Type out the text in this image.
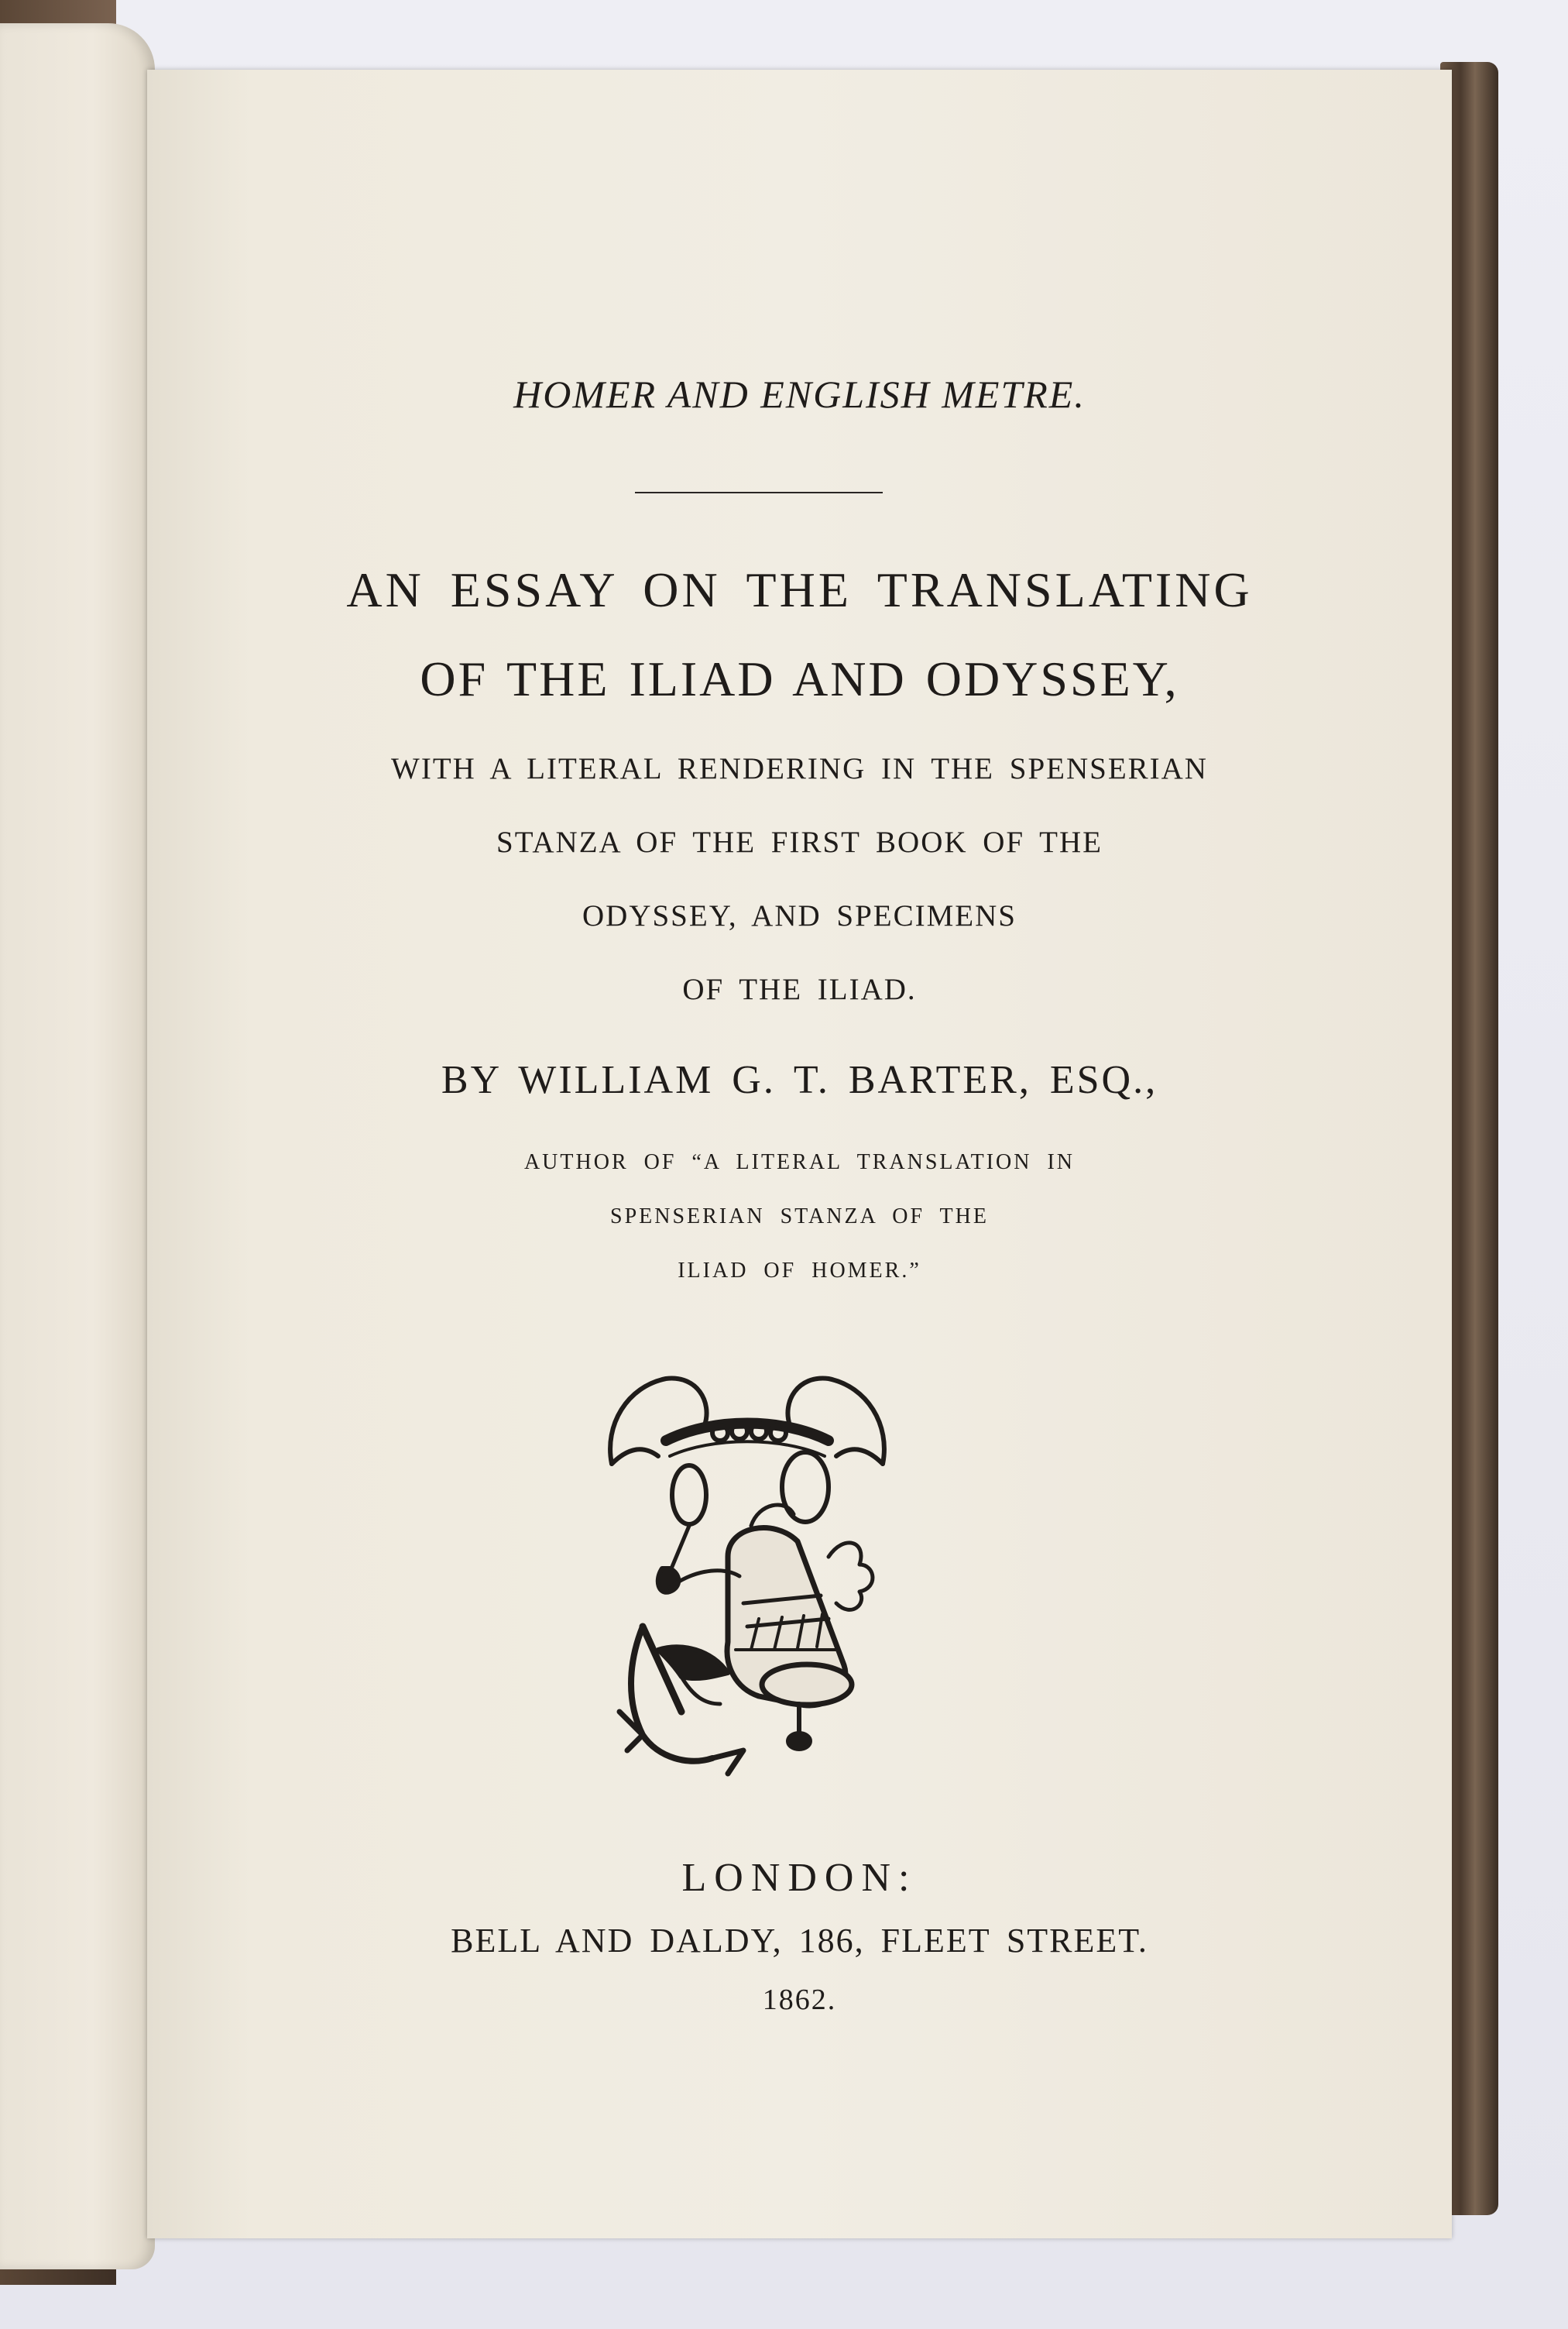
HOMER AND ENGLISH METRE.
AN ESSAY ON THE TRANSLATING
OF THE ILIAD AND ODYSSEY,
WITH A LITERAL RENDERING IN THE SPENSERIAN
STANZA OF THE FIRST BOOK OF THE
ODYSSEY, AND SPECIMENS
OF THE ILIAD.
BY WILLIAM G. T. BARTER, ESQ.,
AUTHOR OF “A LITERAL TRANSLATION IN
SPENSERIAN STANZA OF THE
ILIAD OF HOMER.”
LONDON:
BELL AND DALDY, 186, FLEET STREET.
1862.
